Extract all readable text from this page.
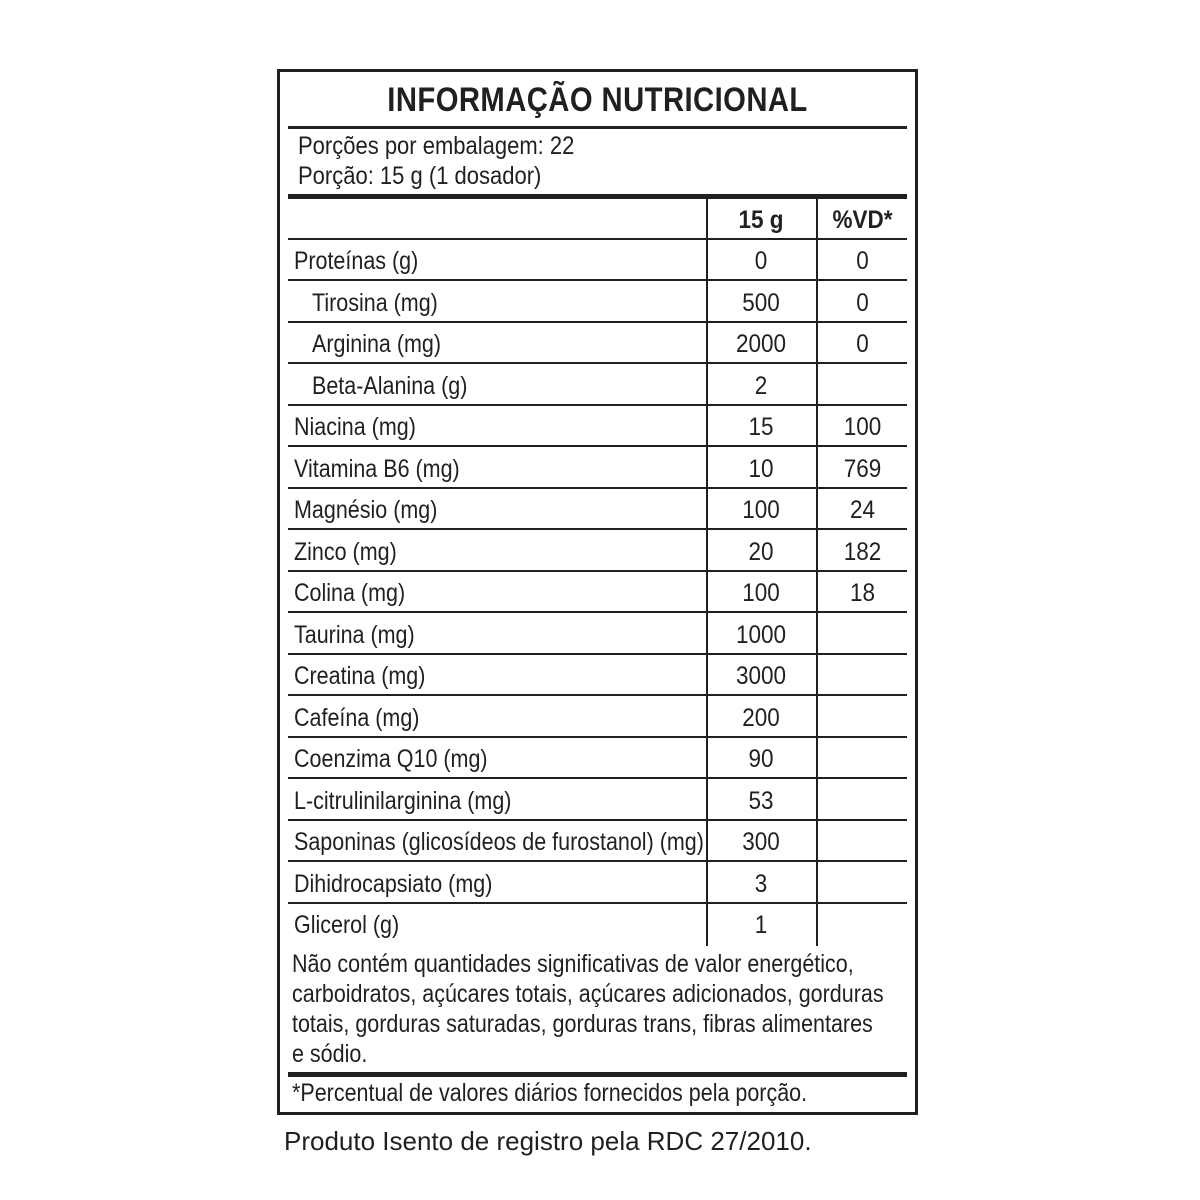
INFORMAÇÃO NUTRICIONAL
Porções por embalagem: 22
Porção: 15 g (1 dosador)
15 g	%VD*
Proteínas (g)	0	0
Tirosina (mg)	500	0
Arginina (mg)	2000	0
Beta-Alanina (g)	2
Niacina (mg)	15	100
Vitamina B6 (mg)	10	769
Magnésio (mg)	100	24
Zinco (mg)	20	182
Colina (mg)	100	18
Taurina (mg)	1000
Creatina (mg)	3000
Cafeína (mg)	200
Coenzima Q10 (mg)	90
L-citrulinilarginina (mg)	53
Saponinas (glicosídeos de furostanol) (mg)	300
Dihidrocapsiato (mg)	3
Glicerol (g)	1
Não contém quantidades significativas de valor energético,
carboidratos, açúcares totais, açúcares adicionados, gorduras
totais, gorduras saturadas, gorduras trans, fibras alimentares
e sódio.
*Percentual de valores diários fornecidos pela porção.
Produto Isento de registro pela RDC 27/2010.
